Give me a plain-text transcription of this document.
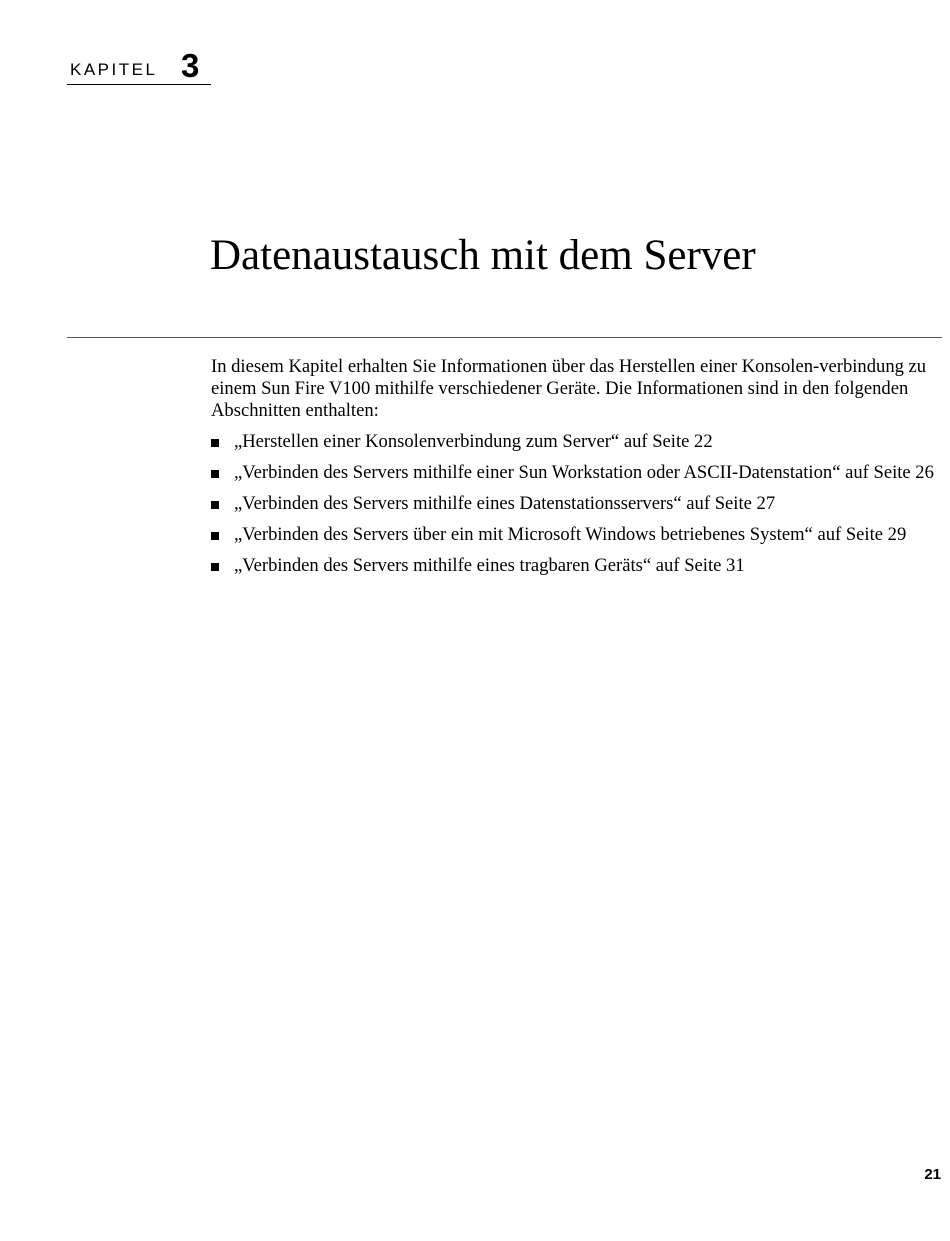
KAPITEL 3
Datenaustausch mit dem Server

In diesem Kapitel erhalten Sie Informationen über das Herstellen einer Konsolen-verbindung zu einem Sun Fire V100 mithilfe verschiedener Geräte. Die Informationen sind in den folgenden Abschnitten enthalten:

„Herstellen einer Konsolenverbindung zum Server“ auf Seite 22
„Verbinden des Servers mithilfe einer Sun Workstation oder ASCII-Datenstation“ auf Seite 26
„Verbinden des Servers mithilfe eines Datenstationsservers“ auf Seite 27
„Verbinden des Servers über ein mit Microsoft Windows betriebenes System“ auf Seite 29
„Verbinden des Servers mithilfe eines tragbaren Geräts“ auf Seite 31
21
